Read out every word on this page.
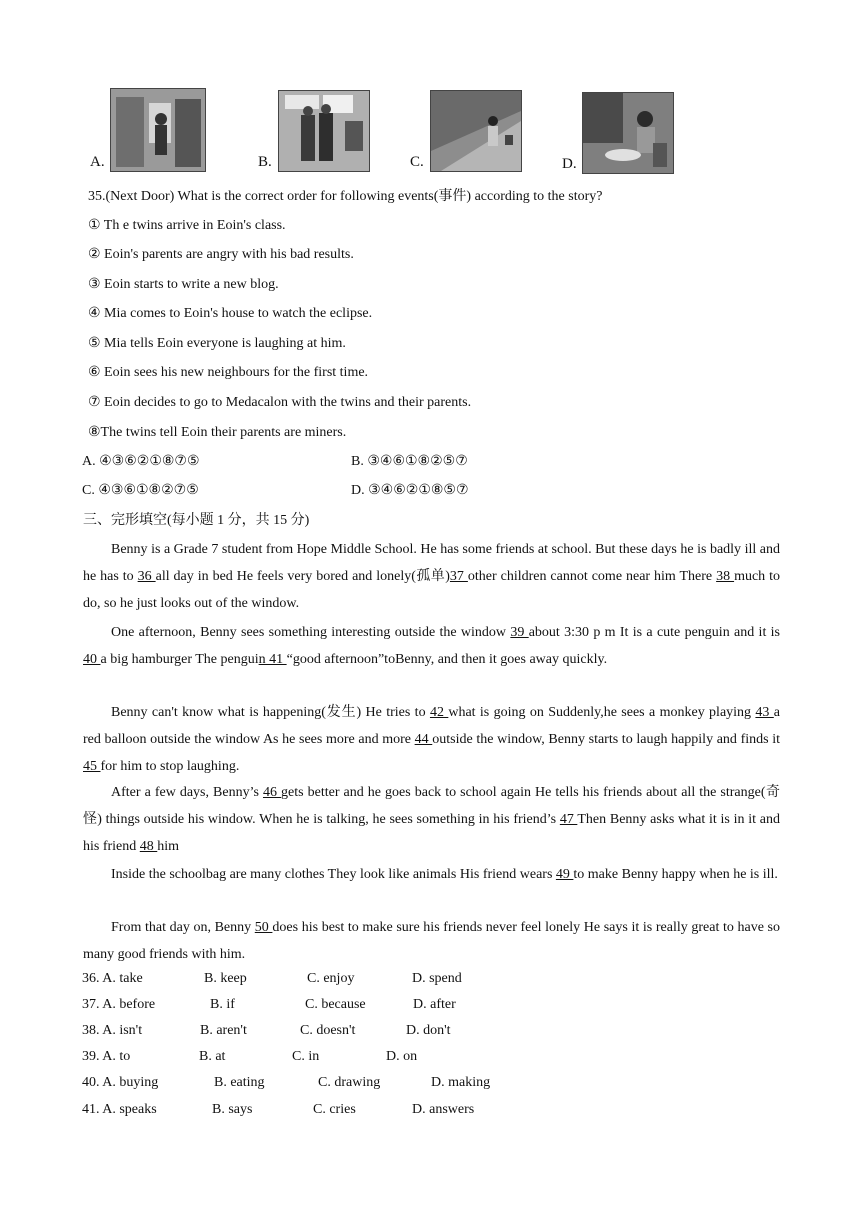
A.	B.	C.	D.
35.(Next Door) What is the correct order for following events(事件) according to the story?
① Th e twins arrive in Eoin's class.
② Eoin's parents are angry with his bad results.
③ Eoin starts to write a new blog.
④ Mia comes to Eoin's house to watch the eclipse.
⑤ Mia tells Eoin everyone is laughing at him.
⑥ Eoin sees his new neighbours for the first time.
⑦ Eoin decides to go to Medacalon with the twins and their parents.
⑧The twins tell Eoin their parents are miners.
A. ④③⑥②①⑧⑦⑤	B. ③④⑥①⑧②⑤⑦
C. ④③⑥①⑧②⑦⑤	D. ③④⑥②①⑧⑤⑦
三、完形填空(每小题 1 分，共 15 分)
Benny is a Grade 7 student from Hope Middle School. He has some friends at school. But these days he is badly ill and he has to 36 all day in bed He feels very bored and lonely(孤单)37 other children cannot come near him There 38 much to do, so he just looks out of the window.
One afternoon, Benny sees something interesting outside the window 39 about 3:30 p m It is a cute penguin and it is 40 a big hamburger The penguin 41 “good afternoon”toBenny, and then it goes away quickly.
Benny can't know what is happening(发生) He tries to 42 what is going on Suddenly,he sees a monkey playing 43 a red balloon outside the window As he sees more and more 44 outside the window, Benny starts to laugh happily and finds it 45 for him to stop laughing.
After a few days, Benny’s 46 gets better and he goes back to school again He tells his friends about all the strange(奇怪) things outside his window. When he is talking, he sees something in his friend’s 47 Then Benny asks what it is in it and his friend 48 him
Inside the schoolbag are many clothes They look like animals His friend wears 49 to make Benny happy when he is ill.
From that day on, Benny 50 does his best to make sure his friends never feel lonely He says it is really great to have so many good friends with him.
36. A. take	B. keep	C. enjoy	D. spend
37. A. before	B. if	C. because	D. after
38. A. isn't	B. aren't	C. doesn't	D. don't
39. A. to	B. at	C. in	D. on
40. A. buying	B. eating	C. drawing	D. making
41. A. speaks	B. says	C. cries	D. answers
